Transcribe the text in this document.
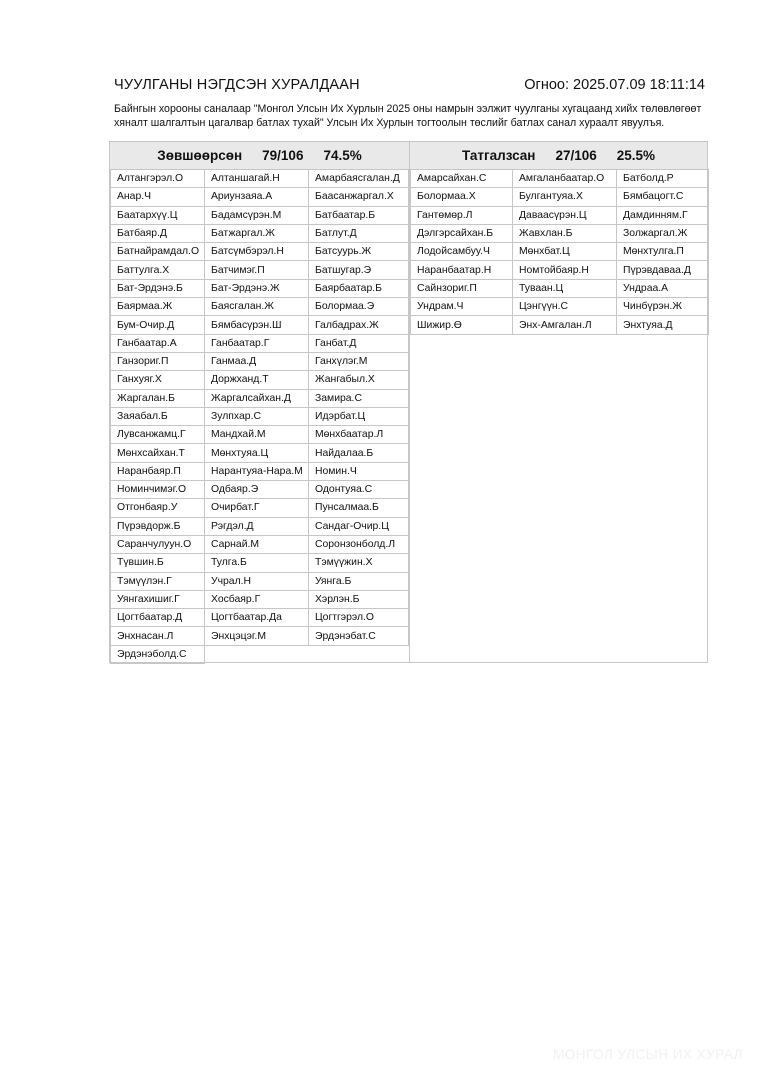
ЧУУЛГАНЫ НЭГДСЭН ХУРАЛДААН	Огноо: 2025.07.09 18:11:14
Байнгын хорооны саналаар "Монгол Улсын Их Хурлын 2025 оны намрын ээлжит чуулганы хугацаанд хийх төлөвлөгөөт хяналт шалгалтын цагалвар батлах тухай" Улсын Их Хурлын тогтоолын төслийг батлах санал хураалт явуулъя.
Зөвшөөрсөн 79/106 74.5%	Татгалзсан 27/106 25.5%
Алтангэрэл.О	Алтаншагай.Н	Амарбаясгалан.Д
Анар.Ч	Ариунзаяа.А	Баасанжаргал.Х
Баатархүү.Ц	Бадамсүрэн.М	Батбаатар.Б
Батбаяр.Д	Батжаргал.Ж	Батлут.Д
Батнайрамдал.О	Батсүмбэрэл.Н	Батсуурь.Ж
Баттулга.Х	Батчимэг.П	Батшугар.Э
Бат-Эрдэнэ.Б	Бат-Эрдэнэ.Ж	Баярбаатар.Б
Баярмаа.Ж	Баясгалан.Ж	Болормаа.Э
Бум-Очир.Д	Бямбасүрэн.Ш	Галбадрах.Ж
Ганбаатар.А	Ганбаатар.Г	Ганбат.Д
Ганзориг.П	Ганмаа.Д	Ганхүлэг.М
Ганхуяг.Х	Доржханд.Т	Жангабыл.Х
Жаргалан.Б	Жаргалсайхан.Д	Замира.С
Заяабал.Б	Зулпхар.С	Идэрбат.Ц
Лувсанжамц.Г	Мандхай.М	Мөнхбаатар.Л
Мөнхсайхан.Т	Мөнхтуяа.Ц	Найдалаа.Б
Наранбаяр.П	Нарантуяа-Нара.М	Номин.Ч
Номинчимэг.О	Одбаяр.Э	Одонтуяа.С
Отгонбаяр.У	Очирбат.Г	Пунсалмаа.Б
Пүрэвдорж.Б	Рэгдэл.Д	Сандаг-Очир.Ц
Саранчулуун.О	Сарнай.М	Соронзонболд.Л
Түвшин.Б	Тулга.Б	Тэмүүжин.Х
Тэмүүлэн.Г	Учрал.Н	Уянга.Б
Уянгахишиг.Г	Хосбаяр.Г	Хэрлэн.Б
Цогтбаатар.Д	Цогтбаатар.Да	Цогтгэрэл.О
Энхнасан.Л	Энхцэцэг.М	Эрдэнэбат.С
Эрдэнэболд.С		
Амарсайхан.С	Амгаланбаатар.О	Батболд.Р
Болормаа.Х	Булгантуяа.Х	Бямбацогт.С
Гантөмөр.Л	Даваасүрэн.Ц	Дамдинням.Г
Дэлгэрсайхан.Б	Жавхлан.Б	Золжаргал.Ж
Лодойсамбуу.Ч	Мөнхбат.Ц	Мөнхтулга.П
Наранбаатар.Н	Номтойбаяр.Н	Пүрэвдаваа.Д
Сайнзориг.П	Туваан.Ц	Ундраа.А
Ундрам.Ч	Цэнгүүн.С	Чинбүрэн.Ж
Шижир.Ө	Энх-Амгалан.Л	Энхтуяа.Д
МОНГОЛ УЛСЫН ИХ ХУРАЛ
